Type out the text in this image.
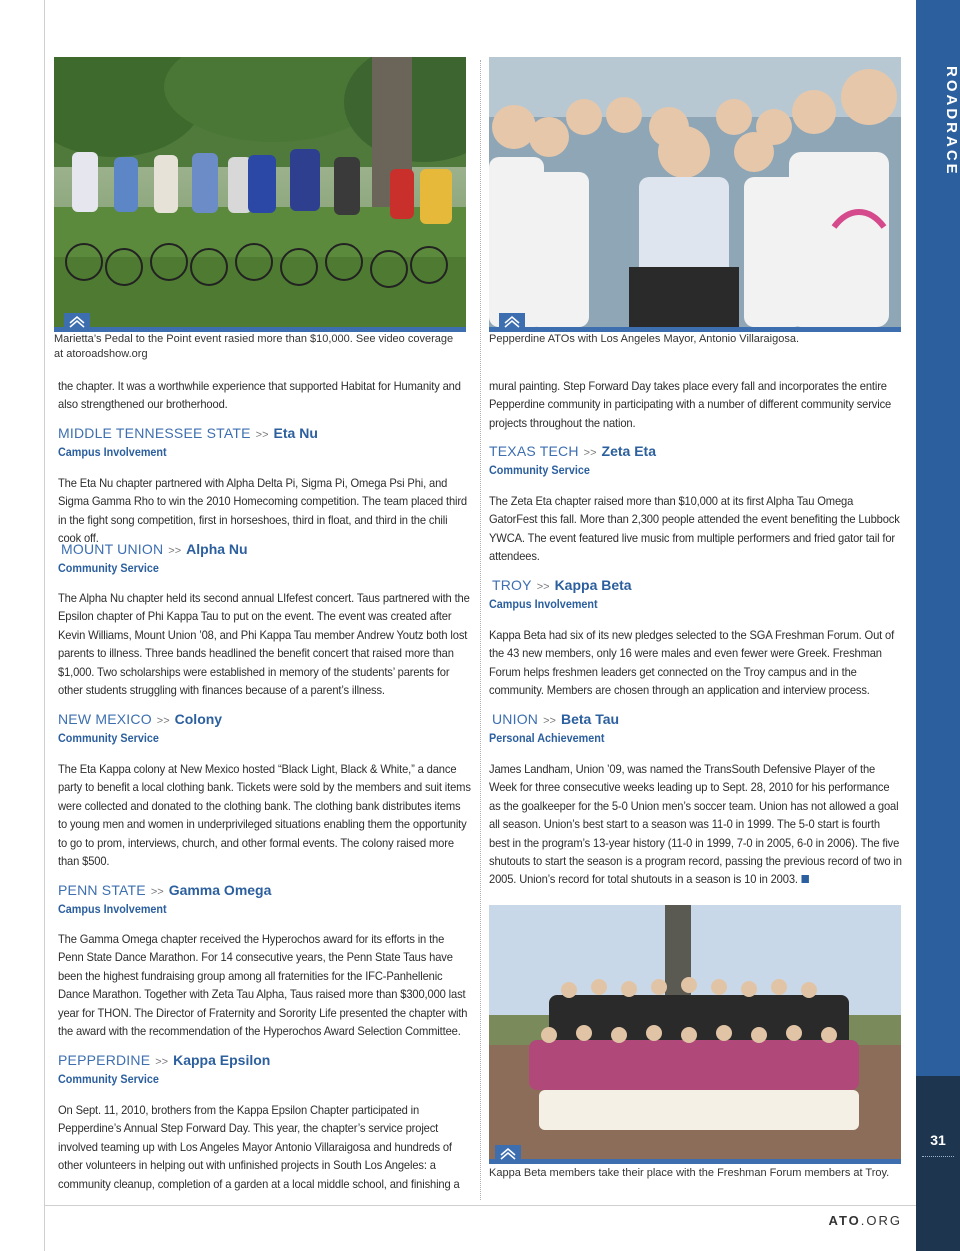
ROADRACE
31
Marietta’s Pedal to the Point event rasied more than $10,000. See video coverage at atoroadshow.org
Pepperdine ATOs with Los Angeles Mayor, Antonio Villaraigosa.
Kappa Beta members take their place with the Freshman Forum members at Troy.
the chapter. It was a worthwhile experience that supported Habitat for Humanity and also strengthened our brotherhood.
MIDDLE TENNESSEE STATE >> Eta Nu
Campus Involvement
The Eta Nu chapter partnered with Alpha Delta Pi, Sigma Pi, Omega Psi Phi, and Sigma Gamma Rho to win the 2010 Homecoming competition. The team placed third in the fight song competition, first in horseshoes, third in float, and third in the chili cook off.
MOUNT UNION >> Alpha Nu
Community Service
The Alpha Nu chapter held its second annual LIfefest concert. Taus partnered with the Epsilon chapter of Phi Kappa Tau to put on the event. The event was created after Kevin Williams, Mount Union ’08, and Phi Kappa Tau member Andrew Youtz both lost parents to illness. Three bands headlined the benefit concert that raised more than $1,000. Two scholarships were established in memory of the students’ parents for other students struggling with finances because of a parent’s illness.
NEW MEXICO >> Colony
Community Service
The Eta Kappa colony at New Mexico hosted “Black Light, Black & White,” a dance party to benefit a local clothing bank. Tickets were sold by the members and suit items were collected and donated to the clothing bank. The clothing bank distributes items to young men and women in underprivileged situations enabling them the opportunity to go to prom, interviews, church, and other formal events. The colony raised more than $500.
PENN STATE >> Gamma Omega
Campus Involvement
The Gamma Omega chapter received the Hyperochos award for its efforts in the Penn State Dance Marathon. For 14 consecutive years, the Penn State Taus have been the highest fundraising group among all fraternities for the IFC-Panhellenic Dance Marathon. Together with Zeta Tau Alpha, Taus raised more than $300,000 last year for THON. The Director of Fraternity and Sorority Life presented the chapter with the award with the recommendation of the Hyperochos Award Selection Committee.
PEPPERDINE >> Kappa Epsilon
Community Service
On Sept. 11, 2010, brothers from the Kappa Epsilon Chapter participated in Pepperdine’s Annual Step Forward Day. This year, the chapter’s service project involved teaming up with Los Angeles Mayor Antonio Villaraigosa and hundreds of other volunteers in helping out with unfinished projects in South Los Angeles: a community cleanup, completion of a garden at a local middle school, and finishing a
mural painting. Step Forward Day takes place every fall and incorporates the entire Pepperdine community in participating with a number of different community service projects throughout the nation.
TEXAS TECH >> Zeta Eta
Community Service
The Zeta Eta chapter raised more than $10,000 at its first Alpha Tau Omega GatorFest this fall. More than 2,300 people attended the event benefiting the Lubbock YWCA. The event featured live music from multiple performers and fried gator tail for attendees.
TROY >> Kappa Beta
Campus Involvement
Kappa Beta had six of its new pledges selected to the SGA Freshman Forum. Out of the 43 new members, only 16 were males and even fewer were Greek. Freshman Forum helps freshmen leaders get connected on the Troy campus and in the community. Members are chosen through an application and interview process.
UNION >> Beta Tau
Personal Achievement
James Landham, Union ’09, was named the TransSouth Defensive Player of the Week for three consecutive weeks leading up to Sept. 28, 2010 for his performance as the goalkeeper for the 5-0 Union men’s soccer team. Union has not allowed a goal all season. Union’s best start to a season was 11-0 in 1999. The 5-0 start is fourth best in the program’s 13-year history (11-0 in 1999, 7-0 in 2005, 6-0 in 2006). The five shutouts to start the season is a program record, passing the previous record of two in 2005. Union’s record for total shutouts in a season is 10 in 2003.
ATO.ORG
